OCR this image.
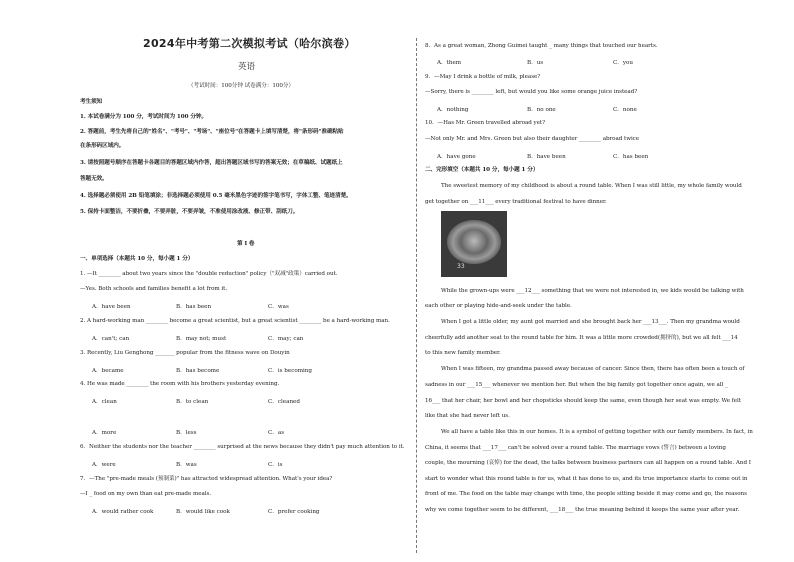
2024年中考第二次模拟考试（哈尔滨卷）
英语
（考试时间：100分钟 试卷满分：100分）
考生须知
1. 本试卷满分为 100 分，考试时间为 100 分钟。
2. 答题前，考生先将自己的"姓名"、"考号"、"考场"、"座位号"在答题卡上填写清楚，将"条形码"准确粘贴
在条形码区域内。
3. 请按照题号顺序在答题卡各题目的答题区域内作答，超出答题区域书写的答案无效；在草稿纸、试题纸上
答题无效。
4. 选择题必须使用 2B 铅笔填涂；非选择题必须使用 0.5 毫米黑色字迹的签字笔书写，字体工整、笔迹清楚。
5. 保持卡面整洁，不要折叠，不要弄脏，不要弄皱，不准使用涂改液、修正带、刮纸刀。
第 I 卷
一、单项选择（本题共 10 分，每小题 1 分）
1. —It ________ about two years since the "double reduction" policy（"双减"政策）carried out.
—Yes. Both schools and families benefit a lot from it.
A．have been	B．has been	C．was
2. A hard-working man ________ become a great scientist, but a great scientist ________ be a hard-working man.
A．can't; can	B．may not; must	C．may; can
3. Recently, Liu Genghong _______ popular from the fitness wave on Douyin
A．became	B．has become	C．is becoming
4. He was made ________ the room with his brothers yesterday evening.
A．clean	B．to clean	C．cleaned
A．more	B．less	C．as
6．Neither the students nor the teacher ________ surprised at the news because they didn't pay much attention to it.
A．were	B．was	C．is
7．—The "pre-made meals (预制菜)" has attracted widespread attention. What's your idea?
—I _ food on my own than eat pre-made meals.
A．would rather cook	B．would like cook	C．prefer cooking
8．As a great woman, Zhong Guimei taught _ many things that touched our hearts.
A．them	B．us	C．you
9．—May I drink a bottle of milk, please?
—Sorry, there is ________ left, but would you like some orange juice instead?
A．nothing	B．no one	C．none
10．—Has Mr. Green travelled abroad yet?
—Not only Mr. and Mrs. Green but also their daughter ________ abroad twice
A．have gone	B．have been	C．has been
二、完形填空（本题共 10 分，每小题 1 分）
The sweetest memory of my childhood is about a round table. When I was still little, my whole family would
get together on ___11___ every traditional festival to have dinner.
While the grown-ups were ___12___ something that we were not interested in, we kids would be talking with
each other or playing hide-and-seek under the table.
When I got a little older, my aunt got married and she brought back her ___13___. Then my grandma would
cheerfully add another seat to the round table for him. It was a little more crowded(拥挤的), but we all felt ___14
to this new family member.
When I was fifteen, my grandma passed away because of cancer. Since then, there has often been a touch of
sadness in our ___15___ whenever we mention her. But when the big family got together once again, we all _
16___ that her chair, her bowl and her chopsticks should keep the same, even though her seat was empty. We felt
like that she had never left us.
We all have a table like this in our homes. It is a symbol of getting together with our family members. In fact, in
China, it seems that ___17___ can't be solved over a round table. The marriage vows (誓言) between a loving
couple, the mourning (哀悼) for the dead, the talks between business partners can all happen on a round table. And I
start to wonder what this round table is for us, what it has done to us, and its true importance starts to come out in
front of me. The food on the table may change with time, the people sitting beside it may come and go, the reasons
why we come together seem to be different, ___18___ the true meaning behind it keeps the same year after year.
33
